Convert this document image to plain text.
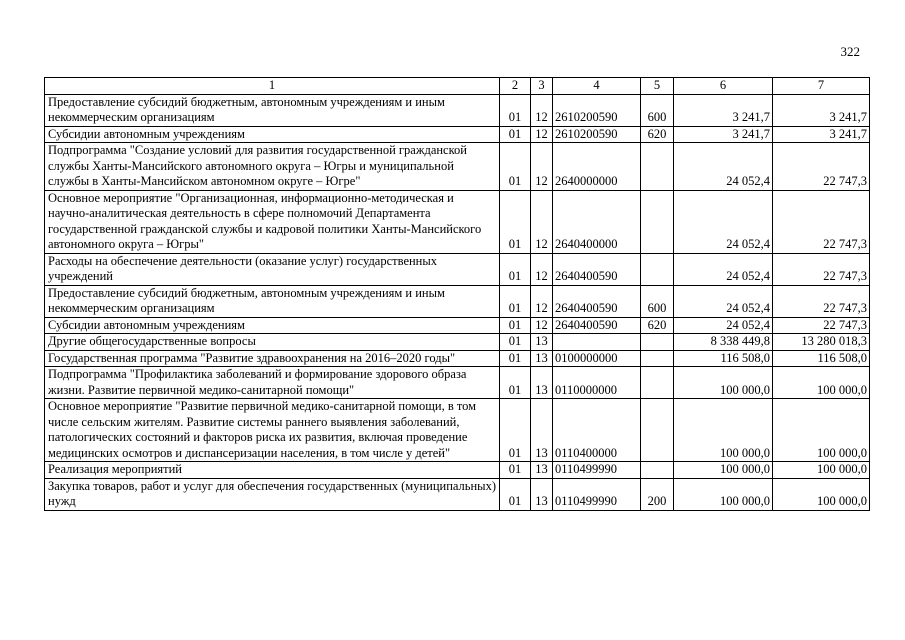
322
1	2	3	4	5	6	7
Предоставление субсидий бюджетным, автономным учреждениям и иным некоммерческим организациям	01	12	2610200590	600	3 241,7	3 241,7
Субсидии автономным учреждениям	01	12	2610200590	620	3 241,7	3 241,7
Подпрограмма "Создание условий для развития государственной гражданской службы Ханты-Мансийского автономного округа – Югры и муниципальной службы в Ханты-Мансийском автономном округе – Югре"	01	12	2640000000		24 052,4	22 747,3
Основное мероприятие "Организационная, информационно-методическая и научно-аналитическая деятельность в сфере полномочий Департамента государственной гражданской службы и кадровой политики Ханты-Мансийского автономного округа – Югры"	01	12	2640400000		24 052,4	22 747,3
Расходы на обеспечение деятельности (оказание услуг) государственных учреждений	01	12	2640400590		24 052,4	22 747,3
Предоставление субсидий бюджетным, автономным учреждениям и иным некоммерческим организациям	01	12	2640400590	600	24 052,4	22 747,3
Субсидии автономным учреждениям	01	12	2640400590	620	24 052,4	22 747,3
Другие общегосударственные вопросы	01	13			8 338 449,8	13 280 018,3
Государственная программа "Развитие здравоохранения на 2016–2020 годы"	01	13	0100000000		116 508,0	116 508,0
Подпрограмма "Профилактика заболеваний и формирование здорового образа жизни. Развитие первичной медико-санитарной помощи"	01	13	0110000000		100 000,0	100 000,0
Основное мероприятие "Развитие первичной медико-санитарной помощи, в том числе сельским жителям. Развитие системы раннего выявления заболеваний, патологических состояний и факторов риска их развития, включая проведение медицинских осмотров и диспансеризации населения, в том числе у детей"	01	13	0110400000		100 000,0	100 000,0
Реализация мероприятий	01	13	0110499990		100 000,0	100 000,0
Закупка товаров, работ и услуг для обеспечения государственных (муниципальных) нужд	01	13	0110499990	200	100 000,0	100 000,0
